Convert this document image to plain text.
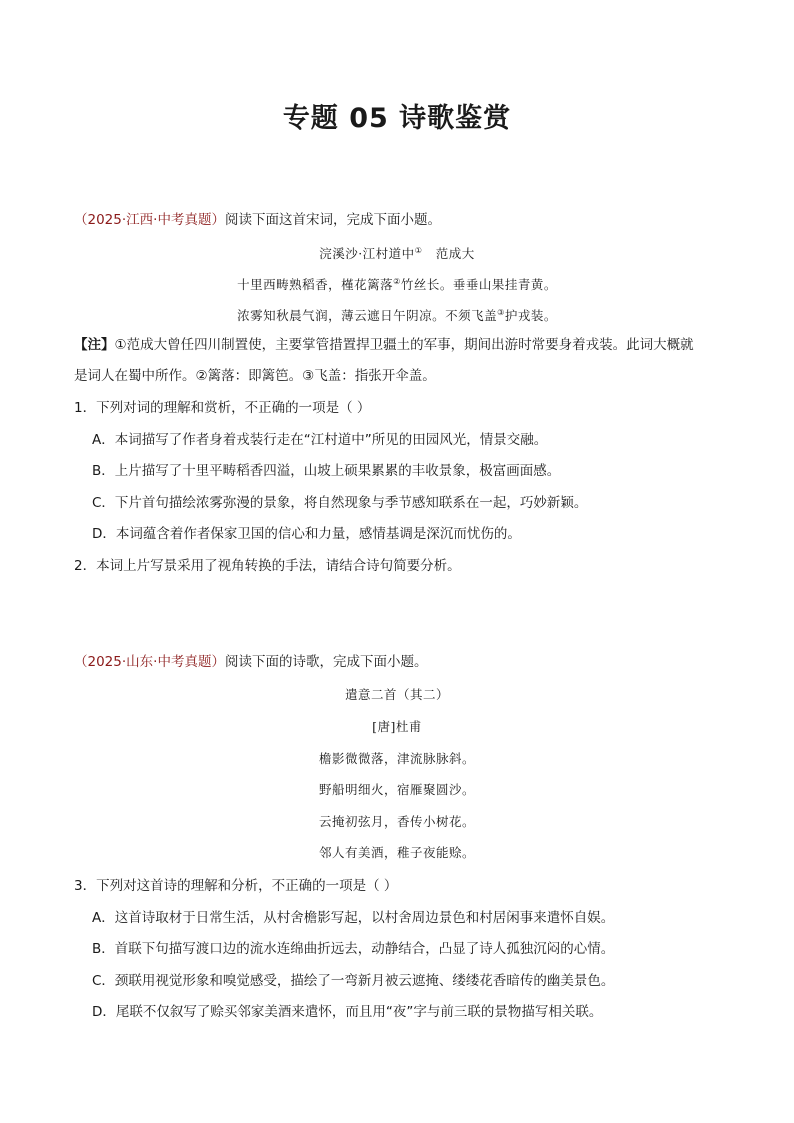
专题 05 诗歌鉴赏
（2025·江西·中考真题）阅读下面这首宋词，完成下面小题。
浣溪沙·江村道中① 范成大
十里西畴熟稻香，槿花篱落②竹丝长。垂垂山果挂青黄。
浓雾知秋晨气润，薄云遮日午阴凉。不须飞盖③护戎装。
【注】①范成大曾任四川制置使，主要掌管措置捍卫疆土的军事，期间出游时常要身着戎装。此词大概就
是词人在蜀中所作。②篱落：即篱笆。③飞盖：指张开伞盖。
1．下列对词的理解和赏析，不正确的一项是（ ）
A．本词描写了作者身着戎装行走在“江村道中”所见的田园风光，情景交融。
B．上片描写了十里平畴稻香四溢，山坡上硕果累累的丰收景象，极富画面感。
C．下片首句描绘浓雾弥漫的景象，将自然现象与季节感知联系在一起，巧妙新颖。
D．本词蕴含着作者保家卫国的信心和力量，感情基调是深沉而忧伤的。
2．本词上片写景采用了视角转换的手法，请结合诗句简要分析。
（2025·山东·中考真题）阅读下面的诗歌，完成下面小题。
遣意二首（其二）
[唐]杜甫
檐影微微落，津流脉脉斜。
野船明细火，宿雁聚圆沙。
云掩初弦月，香传小树花。
邻人有美酒，稚子夜能赊。
3．下列对这首诗的理解和分析，不正确的一项是（ ）
A．这首诗取材于日常生活，从村舍檐影写起，以村舍周边景色和村居闲事来遣怀自娱。
B．首联下句描写渡口边的流水连绵曲折远去，动静结合，凸显了诗人孤独沉闷的心情。
C．颈联用视觉形象和嗅觉感受，描绘了一弯新月被云遮掩、缕缕花香暗传的幽美景色。
D．尾联不仅叙写了赊买邻家美酒来遣怀，而且用“夜”字与前三联的景物描写相关联。
